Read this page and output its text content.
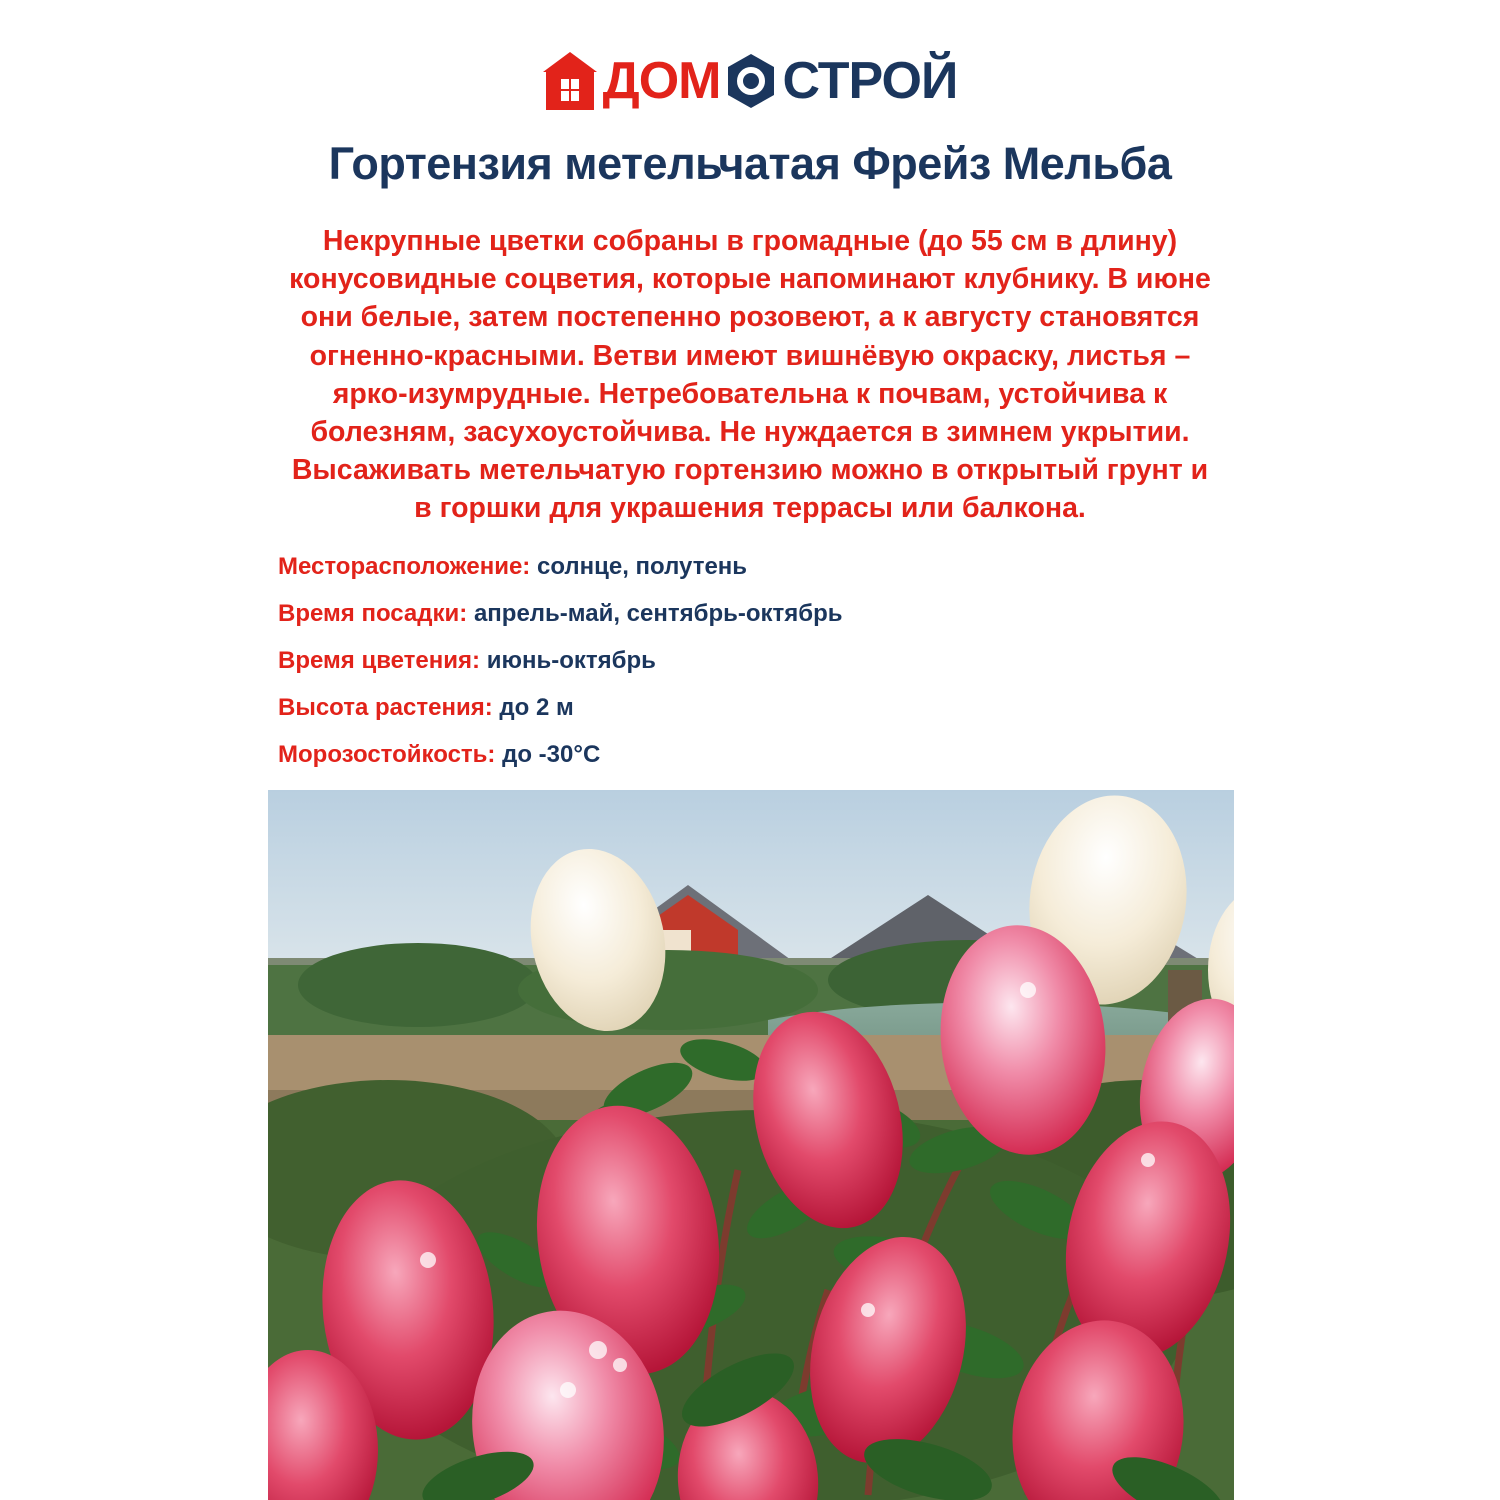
ДОМ СТРОЙ
Гортензия метельчатая Фрейз Мельба
Некрупные цветки собраны в громадные (до 55 см в длину) конусовидные соцветия, которые напоминают клубнику. В июне они белые, затем постепенно розовеют, а к августу становятся огненно-красными. Ветви имеют вишнёвую окраску, листья – ярко-изумрудные. Нетребовательна к почвам, устойчива к болезням, засухоустойчива. Не нуждается в зимнем укрытии. Высаживать метельчатую гортензию можно в открытый грунт и в горшки для украшения террасы или балкона.
Месторасположение: солнце, полутень
Время посадки: апрель-май, сентябрь-октябрь
Время цветения: июнь-октябрь
Высота растения: до 2 м
Морозостойкость: до -30°C
